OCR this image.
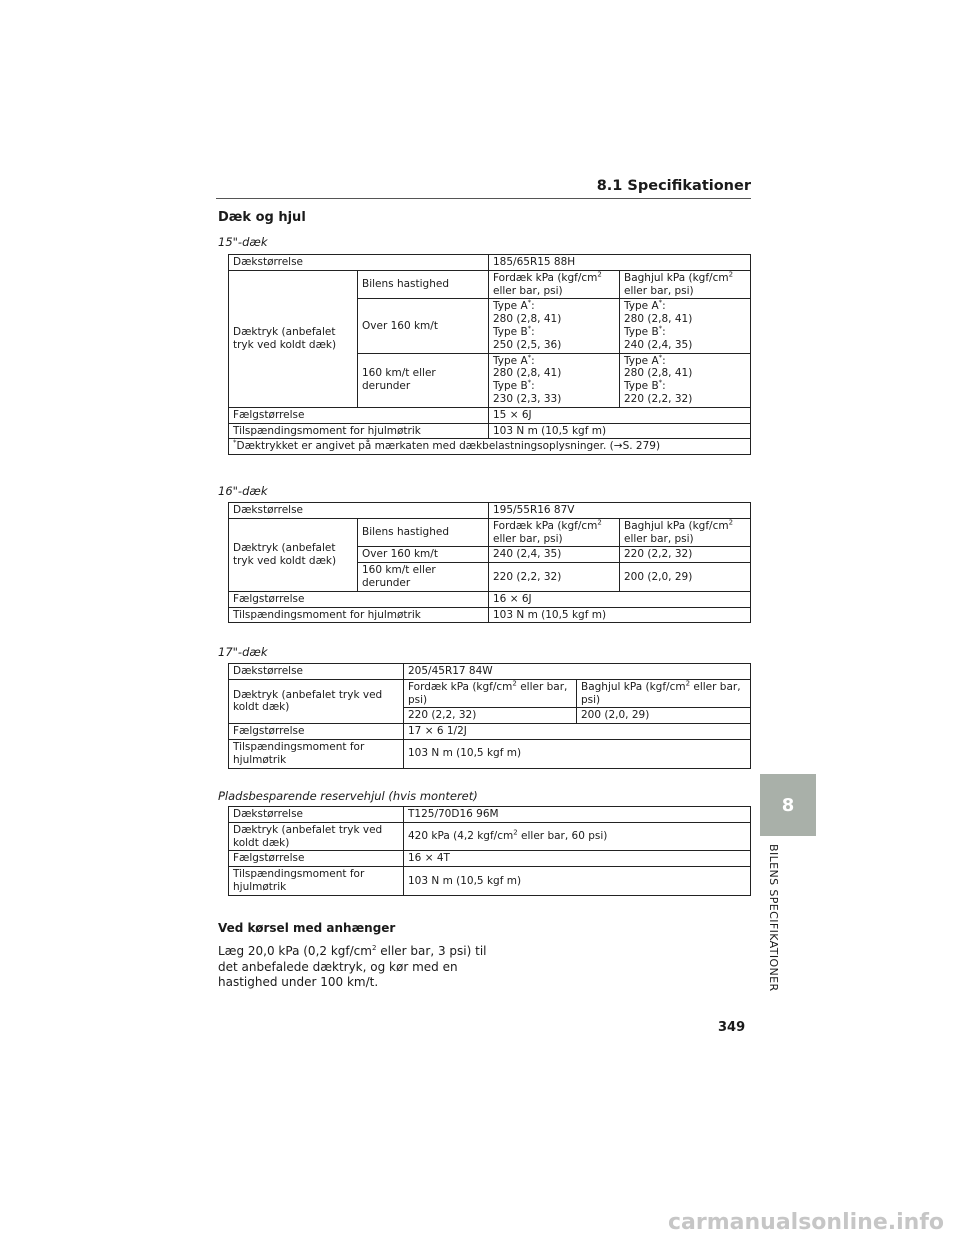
8.1 Specifikationer
Dæk og hjul
15"-dæk
Dækstørrelse		185/65R15 88H	
Dæktryk (anbefalet tryk ved koldt dæk)	Bilens hastighed	Fordæk kPa ($kgf/cm^2$
eller bar, psi)	Baghjul kPa ($kgf/cm^2$
eller bar, psi)
	Over 160 km/t	Type A*:
280 (2,8, 41)
Type B*:
250 (2,5, 36)	Type A*:
280 (2,8, 41)
Type B*:
240 (2,4, 35)
	160 km/t eller derunder	Type A*:
280 (2,8, 41)
Type B*:
230 (2,3, 33)	Type A*:
280 (2,8, 41)
Type B*:
220 (2,2, 32)
Fælgstørrelse		15 × 6J	
Tilspændingsmoment for hjulmøtrik		103 N m (10,5 kgf m)	
*Dæktrykket er angivet på mærkaten med dækbelastningsoplysninger. (→S. 279)			
16"-dæk
Dækstørrelse		195/55R16 87V	
Dæktryk (anbefalet tryk ved koldt dæk)	Bilens hastighed	Fordæk kPa ($kgf/cm^2$
eller bar, psi)	Baghjul kPa ($kgf/cm^2$
eller bar, psi)
	Over 160 km/t	240 (2,4, 35)	220 (2,2, 32)
	160 km/t eller derunder	220 (2,2, 32)	200 (2,0, 29)
Fælgstørrelse		16 × 6J	
Tilspændingsmoment for hjulmøtrik		103 N m (10,5 kgf m)	
17"-dæk
Dækstørrelse	205/45R17 84W	
Dæktryk (anbefalet tryk ved koldt dæk)	Fordæk kPa ($kgf/cm^2$ eller bar, psi)	Baghjul kPa ($kgf/cm^2$ eller bar, psi)
	220 (2,2, 32)	200 (2,0, 29)
Fælgstørrelse	17 × 6 1/2J	
Tilspændingsmoment for hjulmøtrik	103 N m (10,5 kgf m)	
Pladsbesparende reservehjul (hvis monteret)
Dækstørrelse	T125/70D16 96M
Dæktryk (anbefalet tryk ved koldt dæk)	420 kPa (4,2 kgf/$cm^2$ eller bar, 60 psi)
Fælgstørrelse	16 × 4T
Tilspændingsmoment for hjulmøtrik	103 N m (10,5 kgf m)
Ved kørsel med anhænger
Læg 20,0 kPa (0,2 kgf/$cm^2$ eller bar, 3 psi) til det anbefalede dæktryk, og kør med en hastighed under 100 km/t.
8
BILENS SPECIFIKATIONER
349
carmanualsonline.info
